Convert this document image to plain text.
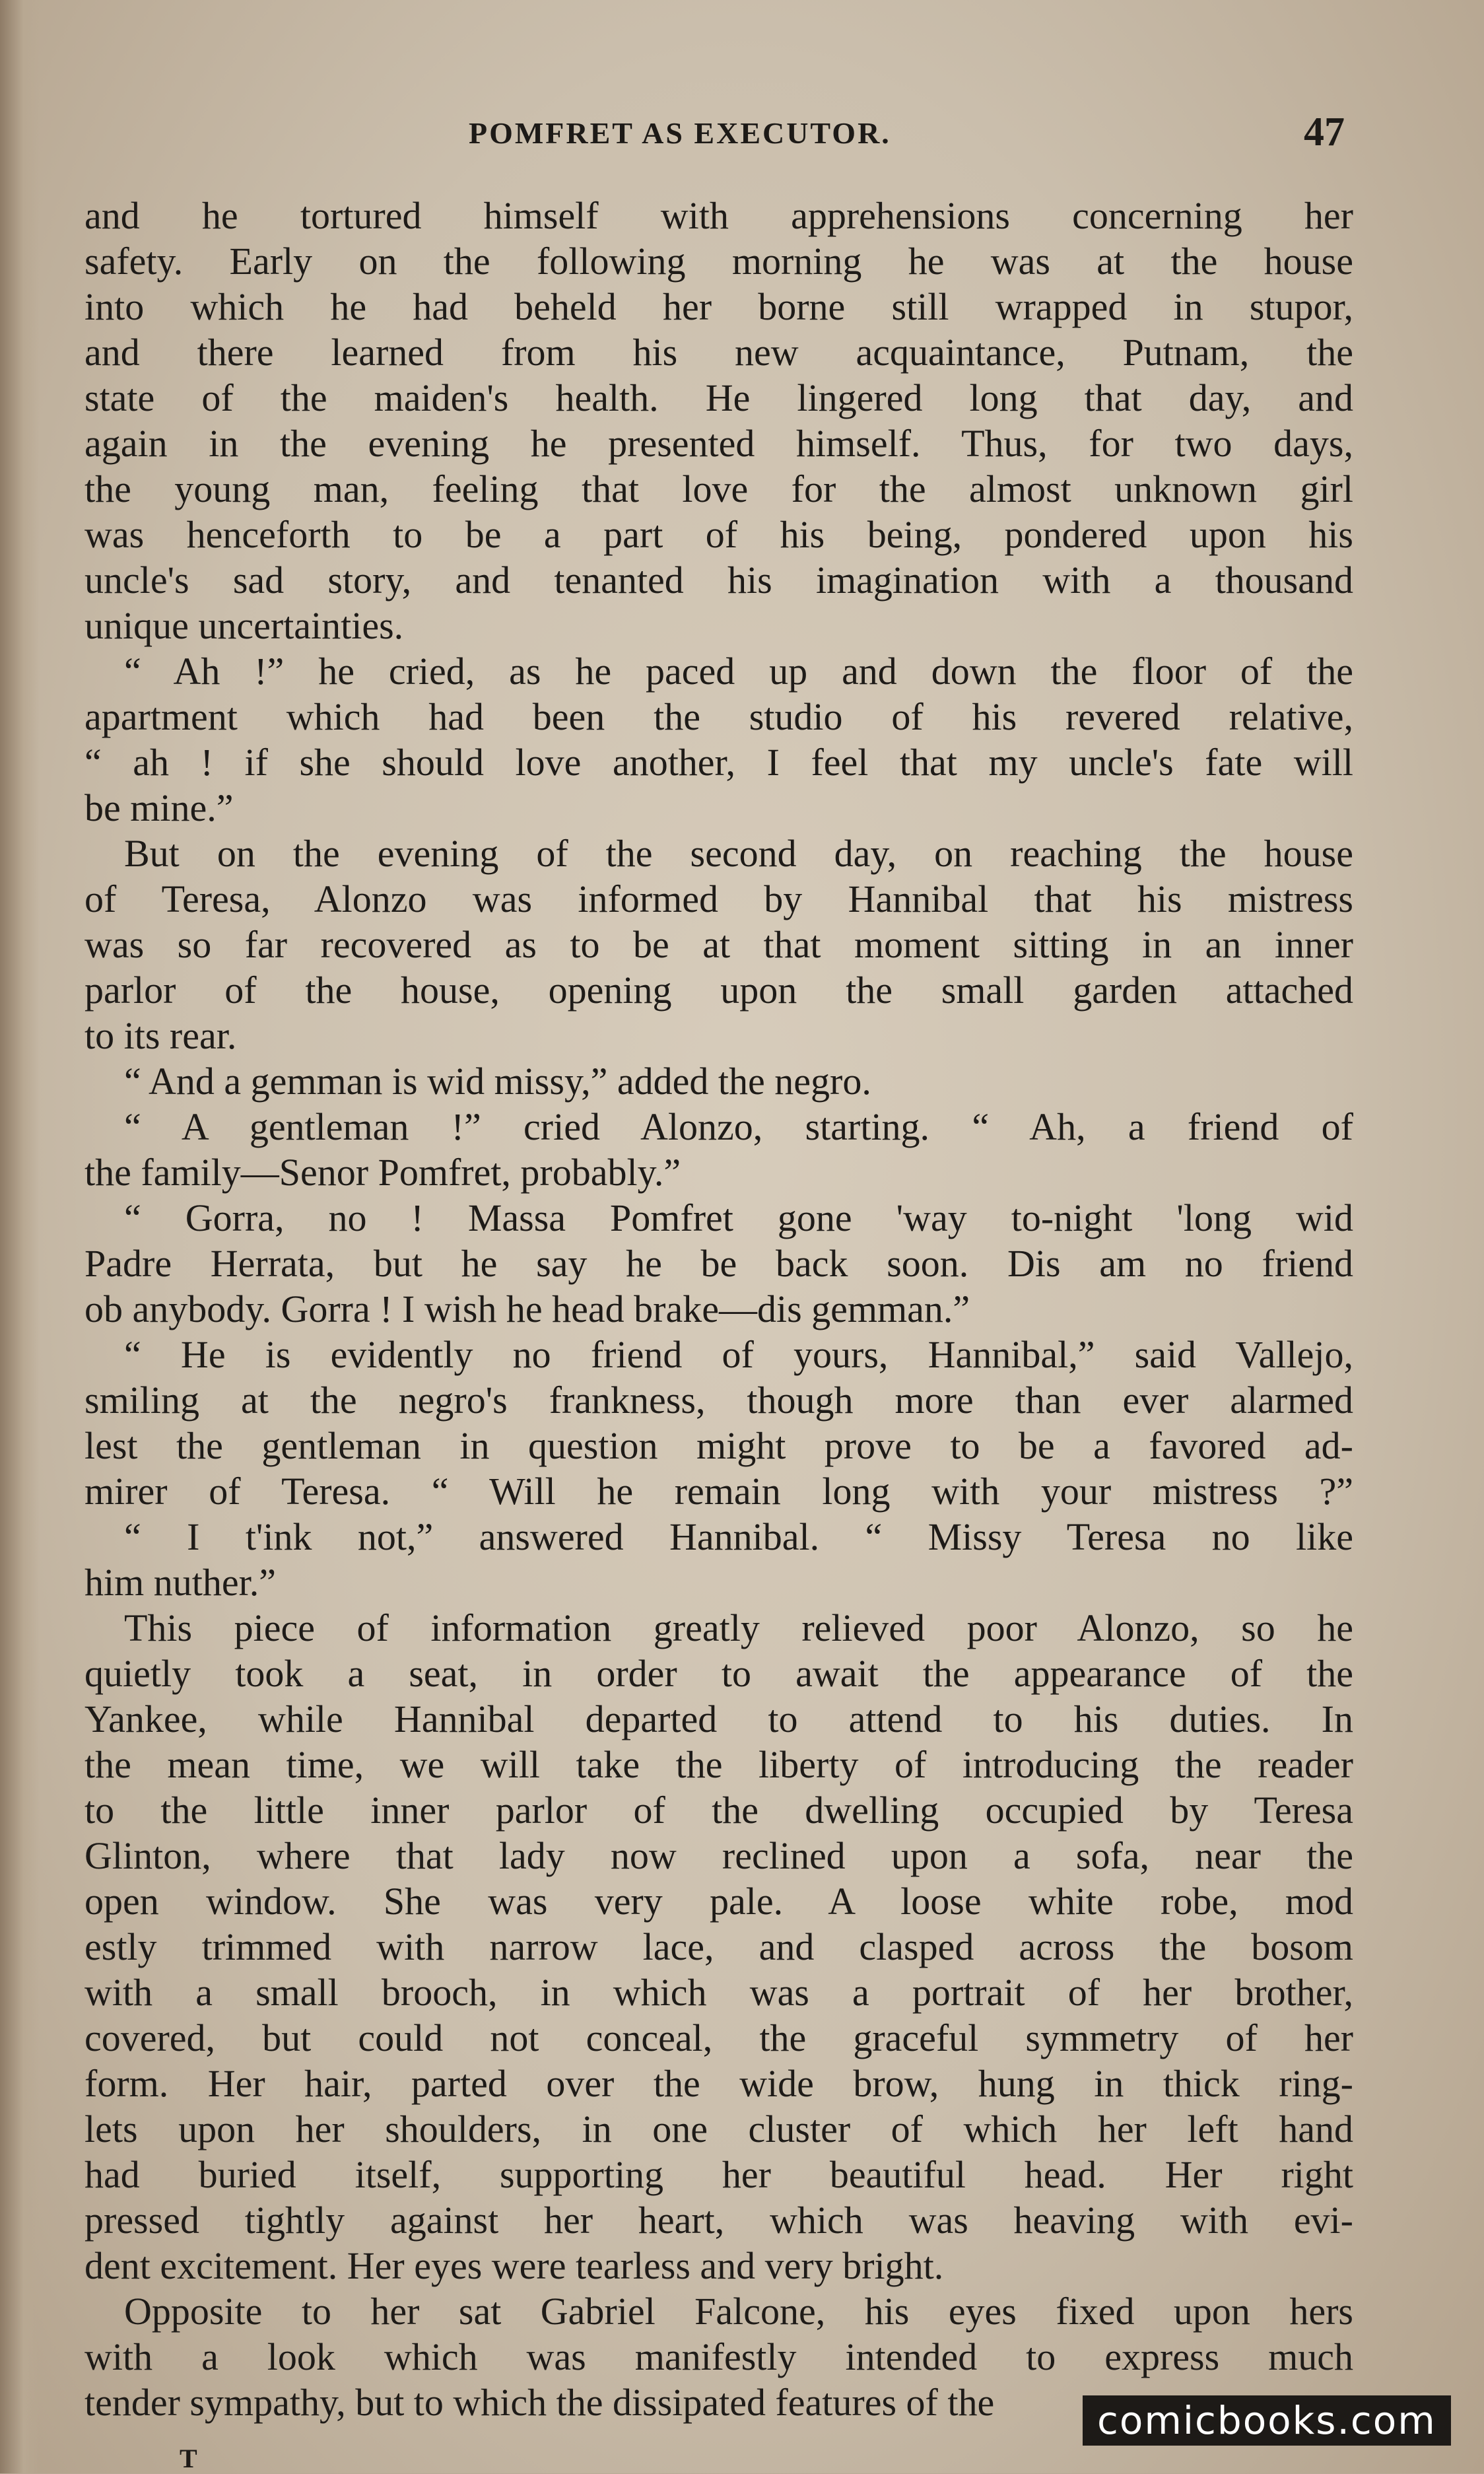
POMFRET AS EXECUTOR.	47
and he tortured himself with apprehensions concerning her
safety. Early on the following morning he was at the house
into which he had beheld her borne still wrapped in stupor,
and there learned from his new acquaintance, Putnam, the
state of the maiden's health. He lingered long that day, and
again in the evening he presented himself. Thus, for two days,
the young man, feeling that love for the almost unknown girl
was henceforth to be a part of his being, pondered upon his
uncle's sad story, and tenanted his imagination with a thousand
unique uncertainties.
“ Ah !” he cried, as he paced up and down the floor of the
apartment which had been the studio of his revered relative,
“ ah ! if she should love another, I feel that my uncle's fate will
be mine.”
But on the evening of the second day, on reaching the house
of Teresa, Alonzo was informed by Hannibal that his mistress
was so far recovered as to be at that moment sitting in an inner
parlor of the house, opening upon the small garden attached
to its rear.
“ And a gemman is wid missy,” added the negro.
“ A gentleman !” cried Alonzo, starting. “ Ah, a friend of
the family—Senor Pomfret, probably.”
“ Gorra, no ! Massa Pomfret gone 'way to-night 'long wid
Padre Herrata, but he say he be back soon. Dis am no friend
ob anybody. Gorra ! I wish he head brake—dis gemman.”
“ He is evidently no friend of yours, Hannibal,” said Vallejo,
smiling at the negro's frankness, though more than ever alarmed
lest the gentleman in question might prove to be a favored ad-
mirer of Teresa. “ Will he remain long with your mistress ?”
“ I t'ink not,” answered Hannibal. “ Missy Teresa no like
him nuther.”
This piece of information greatly relieved poor Alonzo, so he
quietly took a seat, in order to await the appearance of the
Yankee, while Hannibal departed to attend to his duties. In
the mean time, we will take the liberty of introducing the reader
to the little inner parlor of the dwelling occupied by Teresa
Glinton, where that lady now reclined upon a sofa, near the
open window. She was very pale. A loose white robe, mod
estly trimmed with narrow lace, and clasped across the bosom
with a small brooch, in which was a portrait of her brother,
covered, but could not conceal, the graceful symmetry of her
form. Her hair, parted over the wide brow, hung in thick ring-
lets upon her shoulders, in one cluster of which her left hand
had buried itself, supporting her beautiful head. Her right
pressed tightly against her heart, which was heaving with evi-
dent excitement. Her eyes were tearless and very bright.
Opposite to her sat Gabriel Falcone, his eyes fixed upon hers
with a look which was manifestly intended to express much
tender sympathy, but to which the dissipated features of the	comicbooks.com
T
